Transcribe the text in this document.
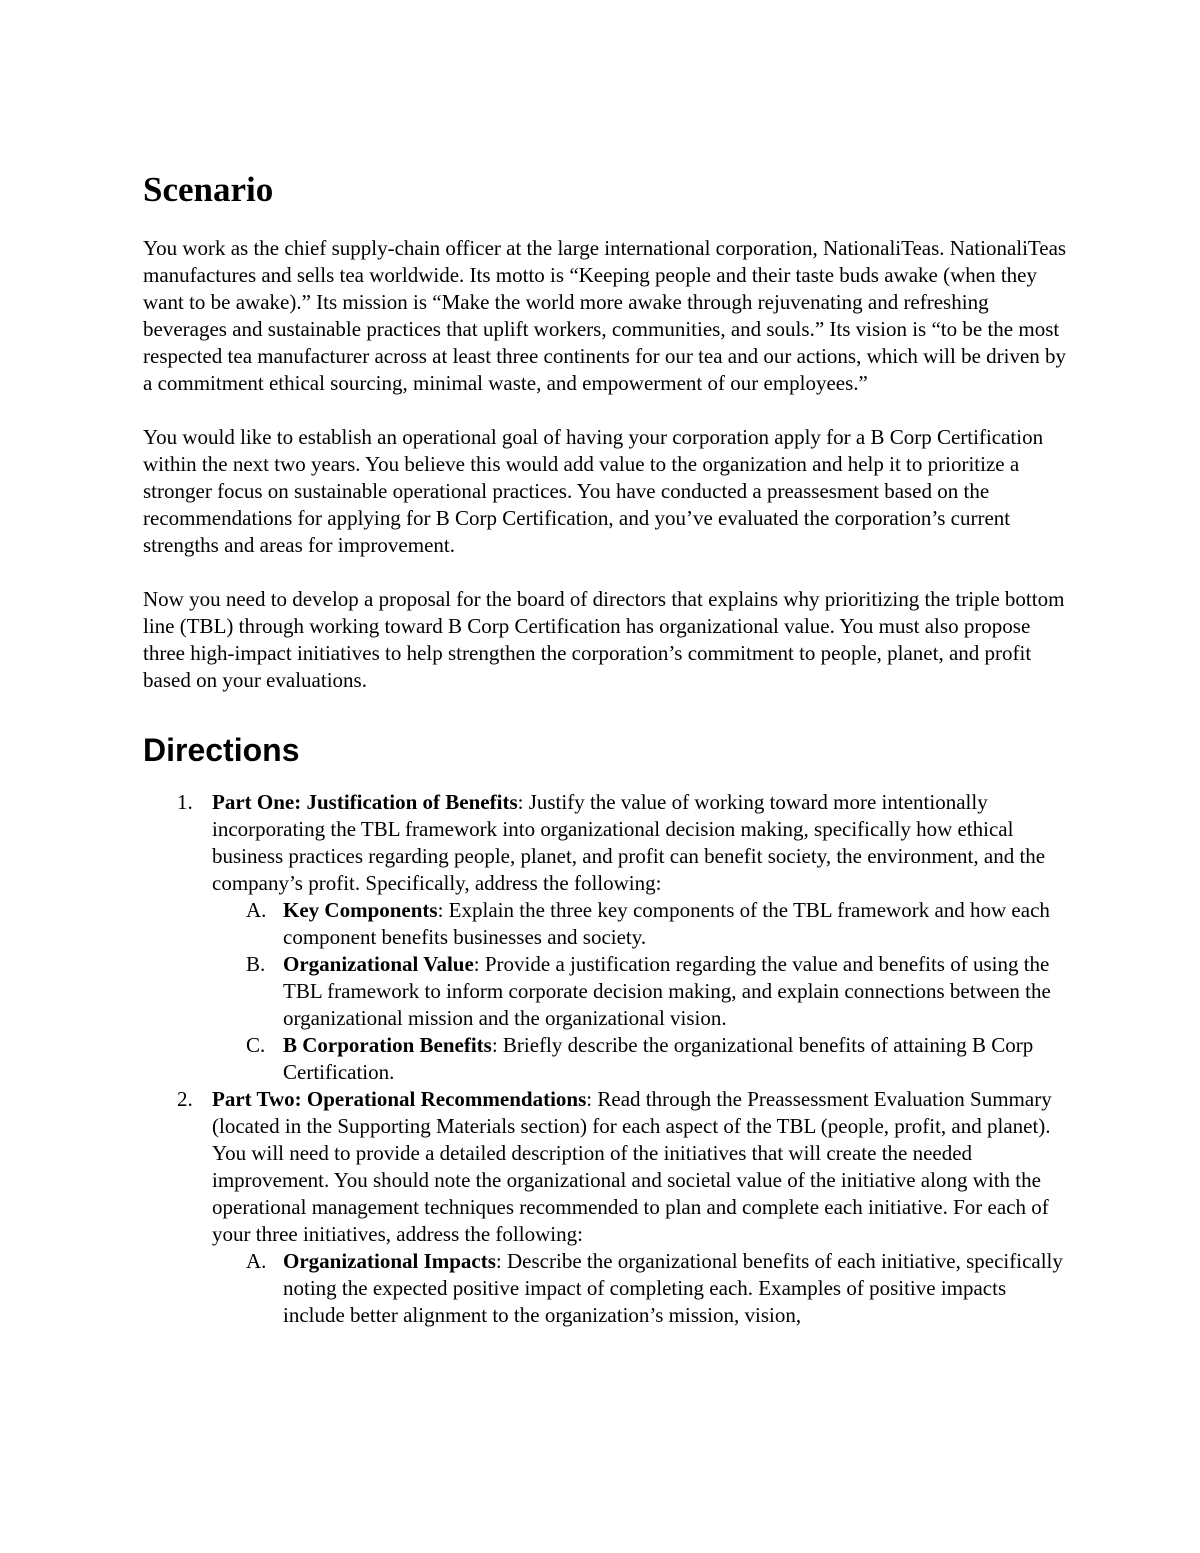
Scenario

You work as the chief supply-chain officer at the large international corporation, NationaliTeas. NationaliTeas manufactures and sells tea worldwide. Its motto is “Keeping people and their taste buds awake (when they want to be awake).” Its mission is “Make the world more awake through rejuvenating and refreshing beverages and sustainable practices that uplift workers, communities, and souls.” Its vision is “to be the most respected tea manufacturer across at least three continents for our tea and our actions, which will be driven by a commitment ethical sourcing, minimal waste, and empowerment of our employees.”

You would like to establish an operational goal of having your corporation apply for a B Corp Certification within the next two years. You believe this would add value to the organization and help it to prioritize a stronger focus on sustainable operational practices. You have conducted a preassesment based on the recommendations for applying for B Corp Certification, and you’ve evaluated the corporation’s current strengths and areas for improvement.

Now you need to develop a proposal for the board of directors that explains why prioritizing the triple bottom line (TBL) through working toward B Corp Certification has organizational value. You must also propose three high-impact initiatives to help strengthen the corporation’s commitment to people, planet, and profit based on your evaluations.

Directions
1. Part One: Justification of Benefits: Justify the value of working toward more intentionally incorporating the TBL framework into organizational decision making, specifically how ethical business practices regarding people, planet, and profit can benefit society, the environment, and the company’s profit. Specifically, address the following:
A. Key Components: Explain the three key components of the TBL framework and how each component benefits businesses and society.
B. Organizational Value: Provide a justification regarding the value and benefits of using the TBL framework to inform corporate decision making, and explain connections between the organizational mission and the organizational vision.
C. B Corporation Benefits: Briefly describe the organizational benefits of attaining B Corp Certification.
2. Part Two: Operational Recommendations: Read through the Preassessment Evaluation Summary (located in the Supporting Materials section) for each aspect of the TBL (people, profit, and planet). You will need to provide a detailed description of the initiatives that will create the needed improvement. You should note the organizational and societal value of the initiative along with the operational management techniques recommended to plan and complete each initiative. For each of your three initiatives, address the following:
A. Organizational Impacts: Describe the organizational benefits of each initiative, specifically noting the expected positive impact of completing each. Examples of positive impacts include better alignment to the organization’s mission, vision,
